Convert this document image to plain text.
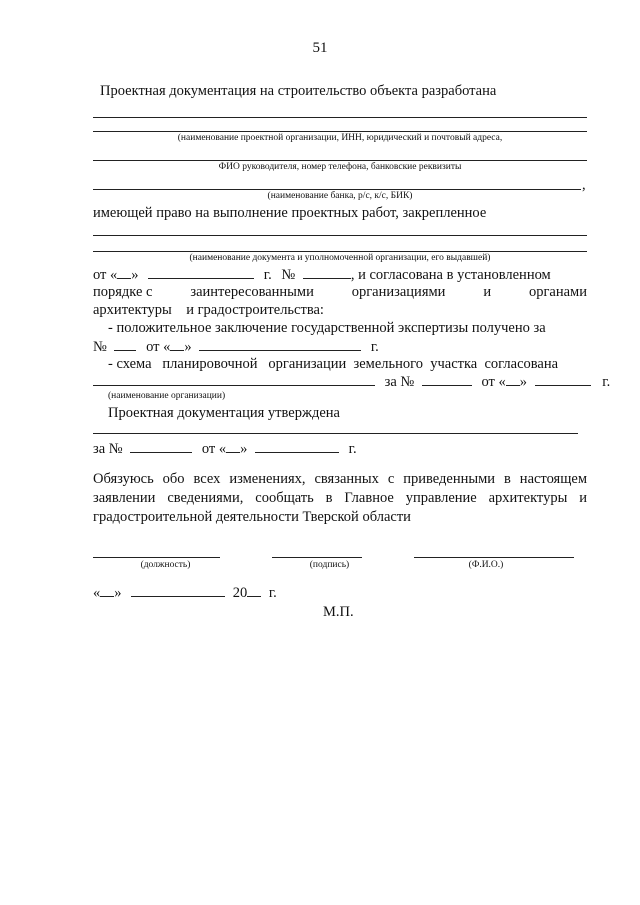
51
Проектная документация на строительство объекта разработана
(наименование проектной организации, ИНН, юридический и почтовый адреса,
ФИО руководителя, номер телефона, банковские реквизиты
,
(наименование банка, р/с, к/с, БИК)
имеющей право на выполнение проектных работ, закрепленное
(наименование документа и уполномоченной организации, его выдавшей)
от « »	г. №	, и согласована в установленном
порядке с	заинтересованными	организациями	и	органами
архитектуры    и градостроительства:
- положительное заключение государственной экспертизы получено за
№	от « »	г.
- схема   планировочной   организации  земельного  участка  согласована
за №	от « »	г.
(наименование организации)
Проектная документация утверждена
за №	от « »	г.
Обязуюсь обо всех изменениях, связанных с приведенными в настоящем заявлении сведениями, сообщать в Главное управление архитектуры и градостроительной деятельности Тверской области
(должность)	(подпись)	(Ф.И.О.)
« »	20 г.
М.П.
